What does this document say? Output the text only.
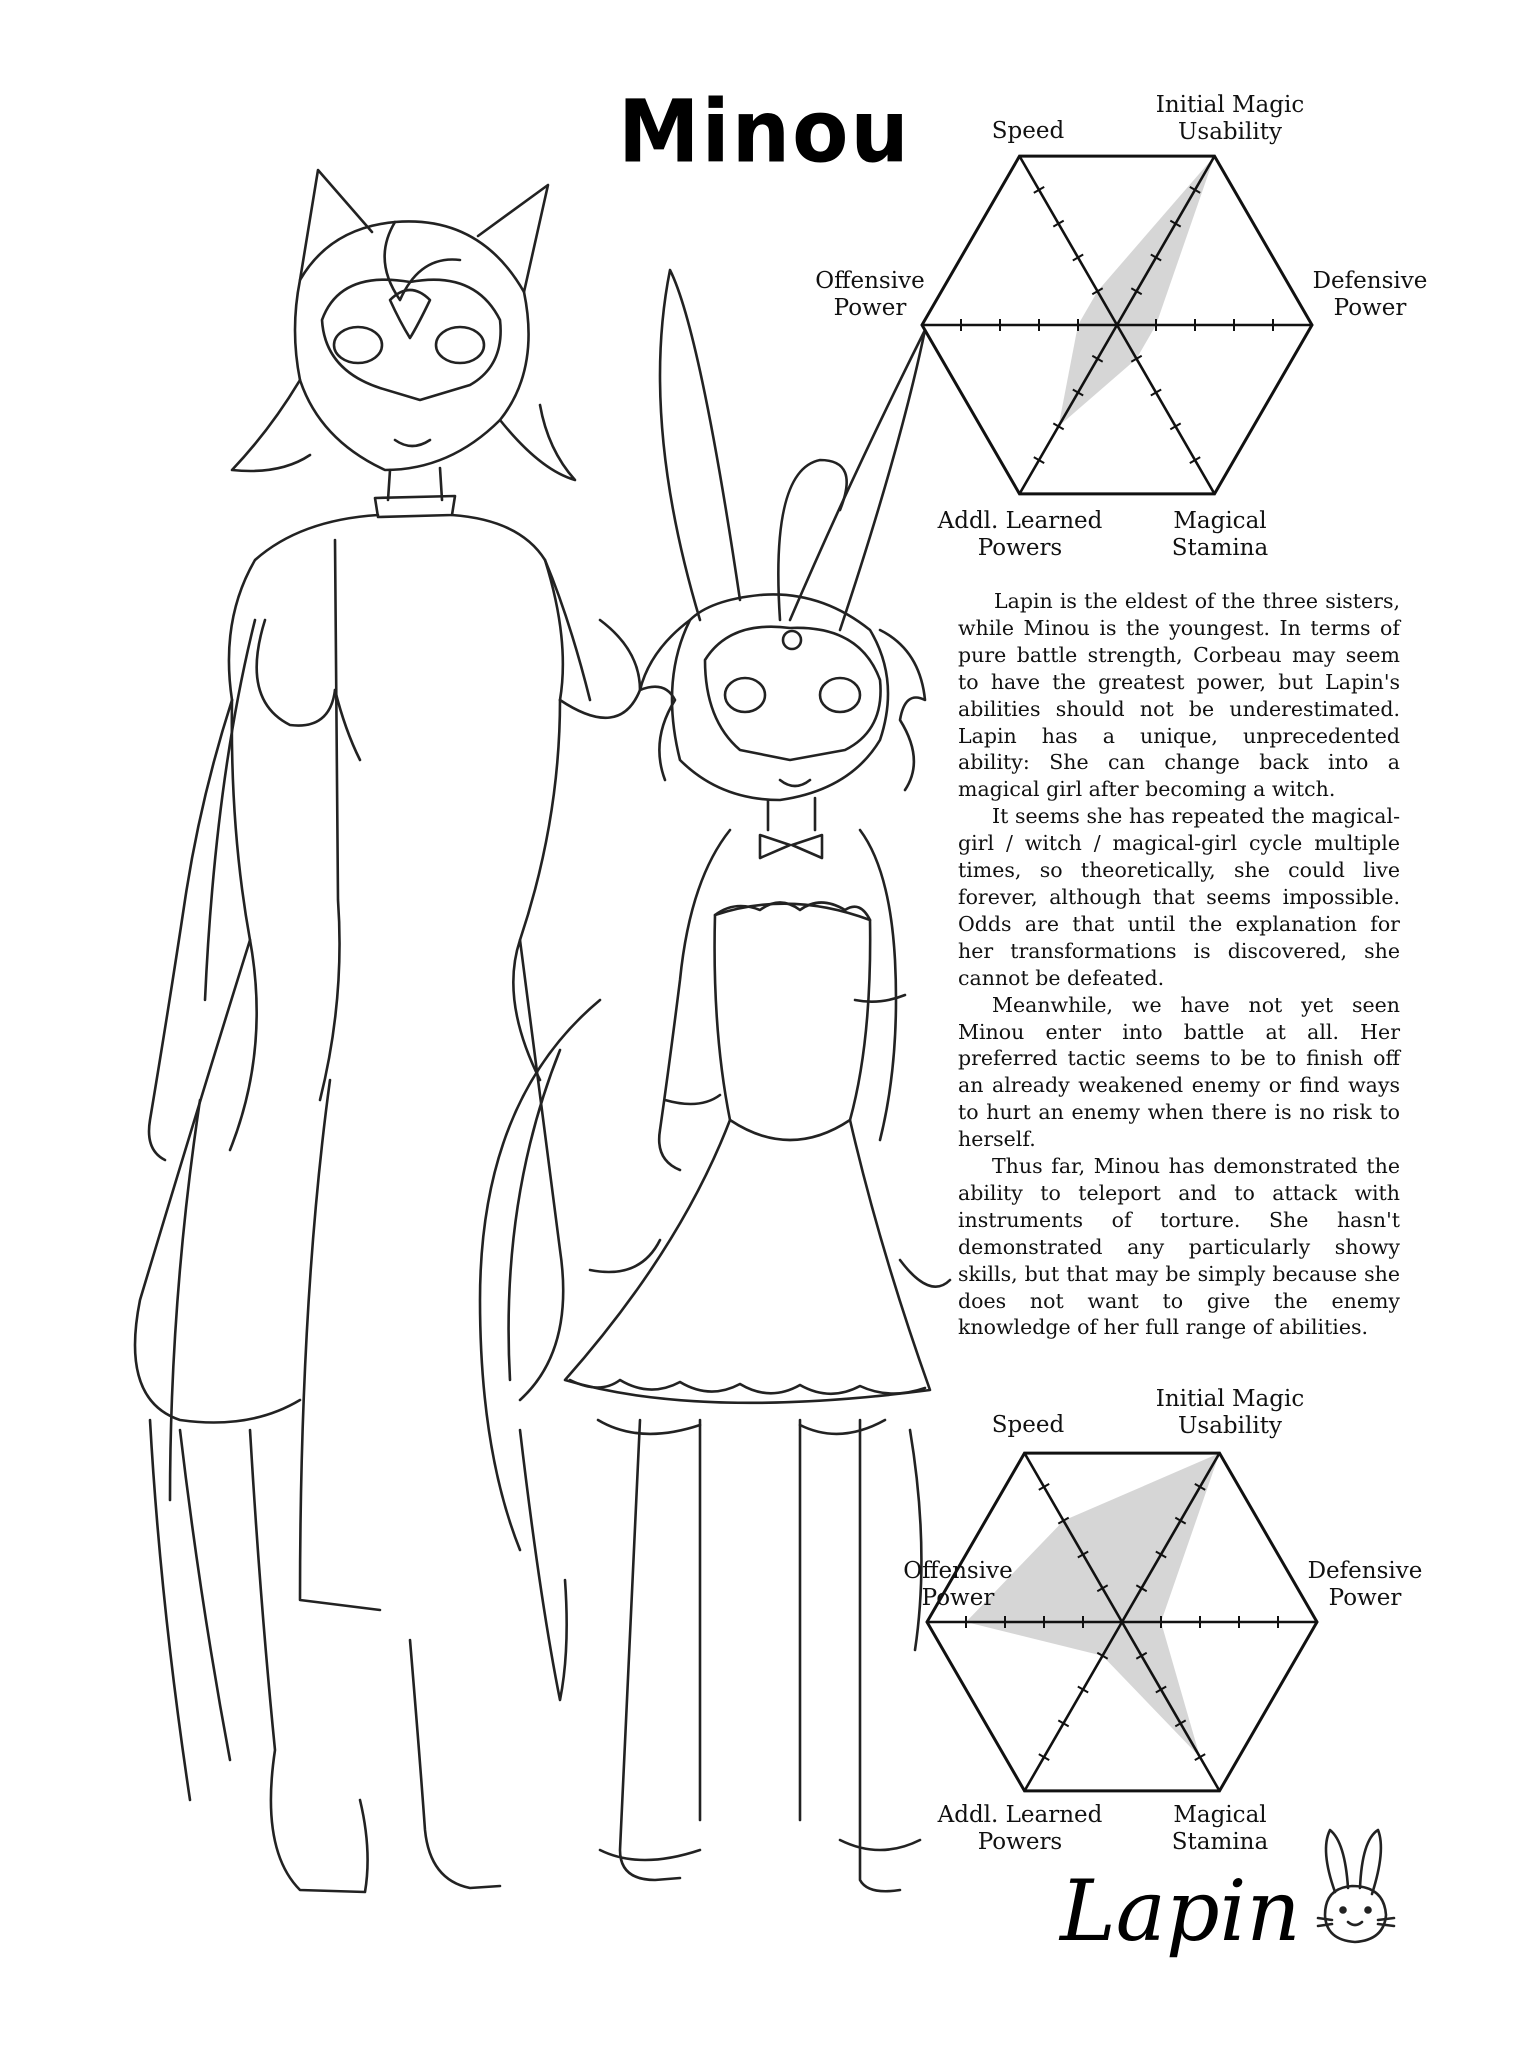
Minou
Lapin
Speed
Initial Magic
Usability
Offensive
Power
Defensive
Power
Addl. Learned
Powers
Magical
Stamina

Lapin is the eldest of the three sisters, while Minou is the youngest. In terms of pure battle strength, Corbeau may seem to have the greatest power, but Lapin's abilities should not be underestimated. Lapin has a unique, unprecedented ability: She can change back into a magical girl after becoming a witch.

It seems she has repeated the magical-girl / witch / magical-girl cycle multiple times, so theoretically, she could live forever, although that seems impossible. Odds are that until the explanation for her transformations is discovered, she cannot be defeated.

Meanwhile, we have not yet seen Minou enter into battle at all. Her preferred tactic seems to be to finish off an already weakened enemy or find ways to hurt an enemy when there is no risk to herself.

Thus far, Minou has demonstrated the ability to teleport and to attack with instruments of torture. She hasn't demonstrated any particularly showy skills, but that may be simply because she does not want to give the enemy knowledge of her full range of abilities.

Speed
Initial Magic
Usability
Offensive
Power
Defensive
Power
Addl. Learned
Powers
Magical
Stamina
